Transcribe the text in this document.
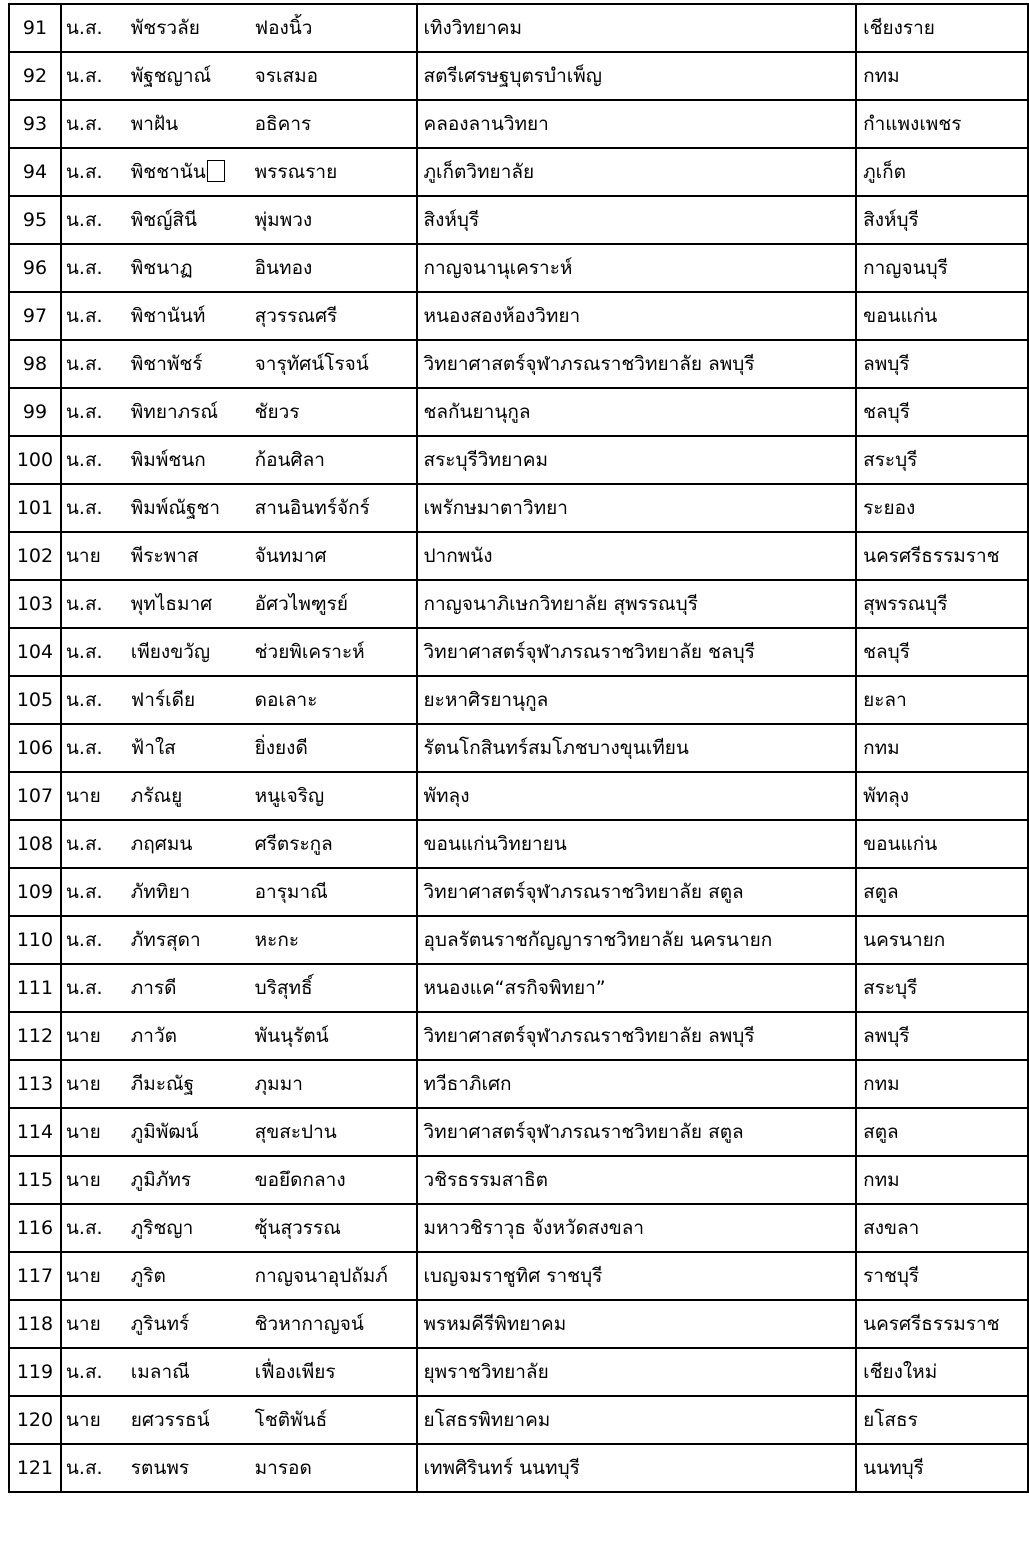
91	น.ส.	พัชรวลัย	ฟองนิ้ว	เทิงวิทยาคม	เชียงราย
92	น.ส.	พัฐชญาณ์	จรเสมอ	สตรีเศรษฐบุตรบำเพ็ญ	กทม
93	น.ส.	พาฝัน	อธิคาร	คลองลานวิทยา	กำแพงเพชร
94	น.ส.	พิชชานัน	พรรณราย	ภูเก็ตวิทยาลัย	ภูเก็ต
95	น.ส.	พิชญ์สินี	พุ่มพวง	สิงห์บุรี	สิงห์บุรี
96	น.ส.	พิชนาฏ	อินทอง	กาญจนานุเคราะห์	กาญจนบุรี
97	น.ส.	พิชานันท์	สุวรรณศรี	หนองสองห้องวิทยา	ขอนแก่น
98	น.ส.	พิชาพัชร์	จารุทัศน์โรจน์	วิทยาศาสตร์จุฬาภรณราชวิทยาลัย ลพบุรี	ลพบุรี
99	น.ส.	พิทยาภรณ์	ชัยวร	ชลกันยานุกูล	ชลบุรี
100	น.ส.	พิมพ์ชนก	ก้อนศิลา	สระบุรีวิทยาคม	สระบุรี
101	น.ส.	พิมพ์ณัฐชา	สานอินทร์จักร์	เพรักษมาตาวิทยา	ระยอง
102	นาย	พีระพาส	จันทมาศ	ปากพนัง	นครศรีธรรมราช
103	น.ส.	พุทไธมาศ	อัศวไพฑูรย์	กาญจนาภิเษกวิทยาลัย สุพรรณบุรี	สุพรรณบุรี
104	น.ส.	เพียงขวัญ	ช่วยพิเคราะห์	วิทยาศาสตร์จุฬาภรณราชวิทยาลัย ชลบุรี	ชลบุรี
105	น.ส.	ฟาร์เดีย	ดอเลาะ	ยะหาศิรยานุกูล	ยะลา
106	น.ส.	ฟ้าใส	ยิ่งยงดี	รัตนโกสินทร์สมโภชบางขุนเทียน	กทม
107	นาย	ภรัณยู	หนูเจริญ	พัทลุง	พัทลุง
108	น.ส.	ภฤศมน	ศรีตระกูล	ขอนแก่นวิทยายน	ขอนแก่น
109	น.ส.	ภัททิยา	อารุมาณี	วิทยาศาสตร์จุฬาภรณราชวิทยาลัย สตูล	สตูล
110	น.ส.	ภัทรสุดา	หะกะ	อุบลรัตนราชกัญญาราชวิทยาลัย นครนายก	นครนายก
111	น.ส.	ภารดี	บริสุทธิ์	หนองแค“สรกิจพิทยา”	สระบุรี
112	นาย	ภาวัต	พันนุรัตน์	วิทยาศาสตร์จุฬาภรณราชวิทยาลัย ลพบุรี	ลพบุรี
113	นาย	ภีมะณัฐ	ภุมมา	ทวีธาภิเศก	กทม
114	นาย	ภูมิพัฒน์	สุขสะปาน	วิทยาศาสตร์จุฬาภรณราชวิทยาลัย สตูล	สตูล
115	นาย	ภูมิภัทร	ขอยึดกลาง	วชิรธรรมสาธิต	กทม
116	น.ส.	ภูริชญา	ซุ้นสุวรรณ	มหาวชิราวุธ จังหวัดสงขลา	สงขลา
117	นาย	ภูริต	กาญจนาอุปถัมภ์	เบญจมราชูทิศ ราชบุรี	ราชบุรี
118	นาย	ภูรินทร์	ชิวหากาญจน์	พรหมคีรีพิทยาคม	นครศรีธรรมราช
119	น.ส.	เมลาณี	เฟื่องเพียร	ยุพราชวิทยาลัย	เชียงใหม่
120	นาย	ยศวรรธน์	โชติพันธ์	ยโสธรพิทยาคม	ยโสธร
121	น.ส.	รตนพร	มารอด	เทพศิรินทร์ นนทบุรี	นนทบุรี
